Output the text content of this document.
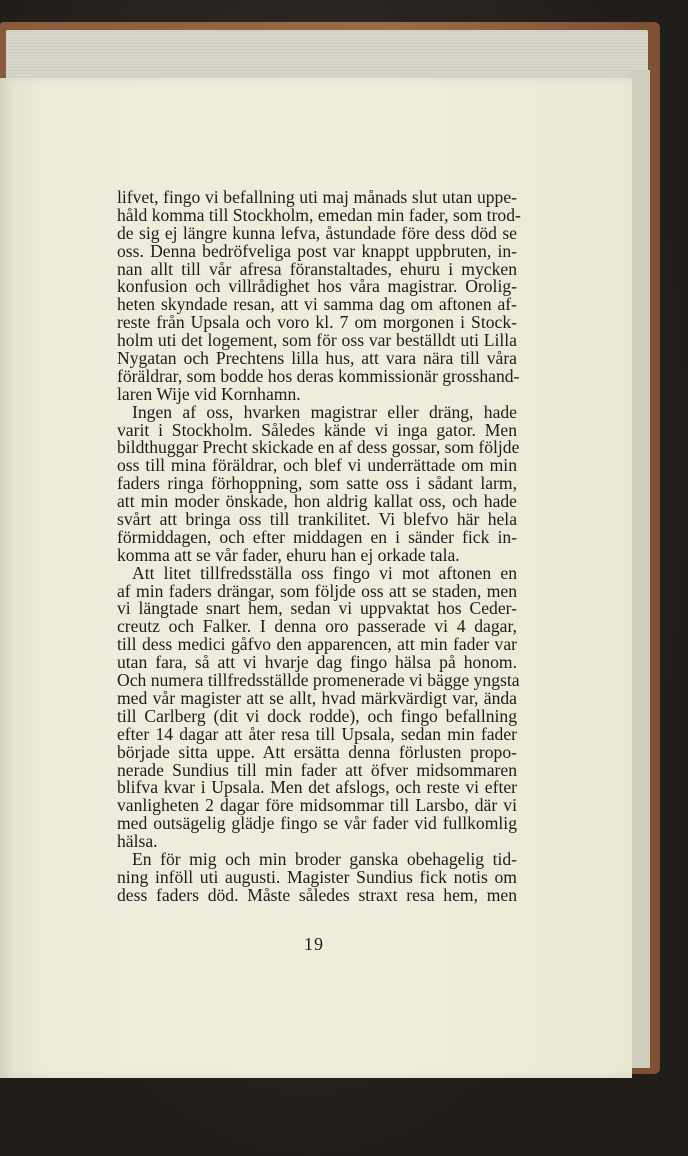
lifvet, fingo vi befallning uti maj månads slut utan uppe-
håld komma till Stockholm, emedan min fader, som trod-
de sig ej längre kunna lefva, åstundade före dess död se
oss. Denna bedröfveliga post var knappt uppbruten, in-
nan allt till vår afresa föranstaltades, ehuru i mycken
konfusion och villrådighet hos våra magistrar. Orolig-
heten skyndade resan, att vi samma dag om aftonen af-
reste från Upsala och voro kl. 7 om morgonen i Stock-
holm uti det logement, som för oss var beställdt uti Lilla
Nygatan och Prechtens lilla hus, att vara nära till våra
föräldrar, som bodde hos deras kommissionär grosshand-
laren Wije vid Kornhamn.
Ingen af oss, hvarken magistrar eller dräng, hade
varit i Stockholm. Således kände vi inga gator. Men
bildthuggar Precht skickade en af dess gossar, som följde
oss till mina föräldrar, och blef vi underrättade om min
faders ringa förhoppning, som satte oss i sådant larm,
att min moder önskade, hon aldrig kallat oss, och hade
svårt att bringa oss till trankilitet. Vi blefvo här hela
förmiddagen, och efter middagen en i sänder fick in-
komma att se vår fader, ehuru han ej orkade tala.
Att litet tillfredsställa oss fingo vi mot aftonen en
af min faders drängar, som följde oss att se staden, men
vi längtade snart hem, sedan vi uppvaktat hos Ceder-
creutz och Falker. I denna oro passerade vi 4 dagar,
till dess medici gåfvo den apparencen, att min fader var
utan fara, så att vi hvarje dag fingo hälsa på honom.
Och numera tillfredsställde promenerade vi bägge yngsta
med vår magister att se allt, hvad märkvärdigt var, ända
till Carlberg (dit vi dock rodde), och fingo befallning
efter 14 dagar att åter resa till Upsala, sedan min fader
började sitta uppe. Att ersätta denna förlusten propo-
nerade Sundius till min fader att öfver midsommaren
blifva kvar i Upsala. Men det afslogs, och reste vi efter
vanligheten 2 dagar före midsommar till Larsbo, där vi
med outsägelig glädje fingo se vår fader vid fullkomlig
hälsa.
En för mig och min broder ganska obehagelig tid-
ning inföll uti augusti. Magister Sundius fick notis om
dess faders död. Måste således straxt resa hem, men
19
